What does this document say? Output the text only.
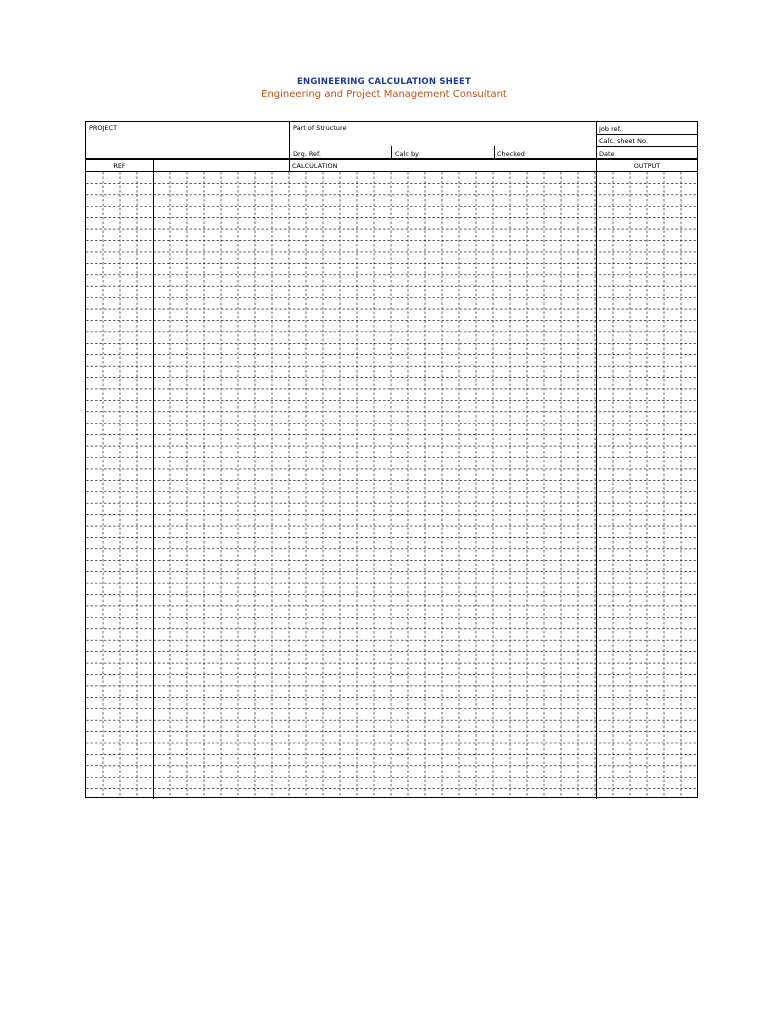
ENGINEERING CALCULATION SHEET
Engineering and Project Management Consultant
PROJECT	Part of Structure	Job ref.
Calc. sheet No.
Drg. Ref.	Calc by	Checked	Date
REF	CALCULATION	OUTPUT
